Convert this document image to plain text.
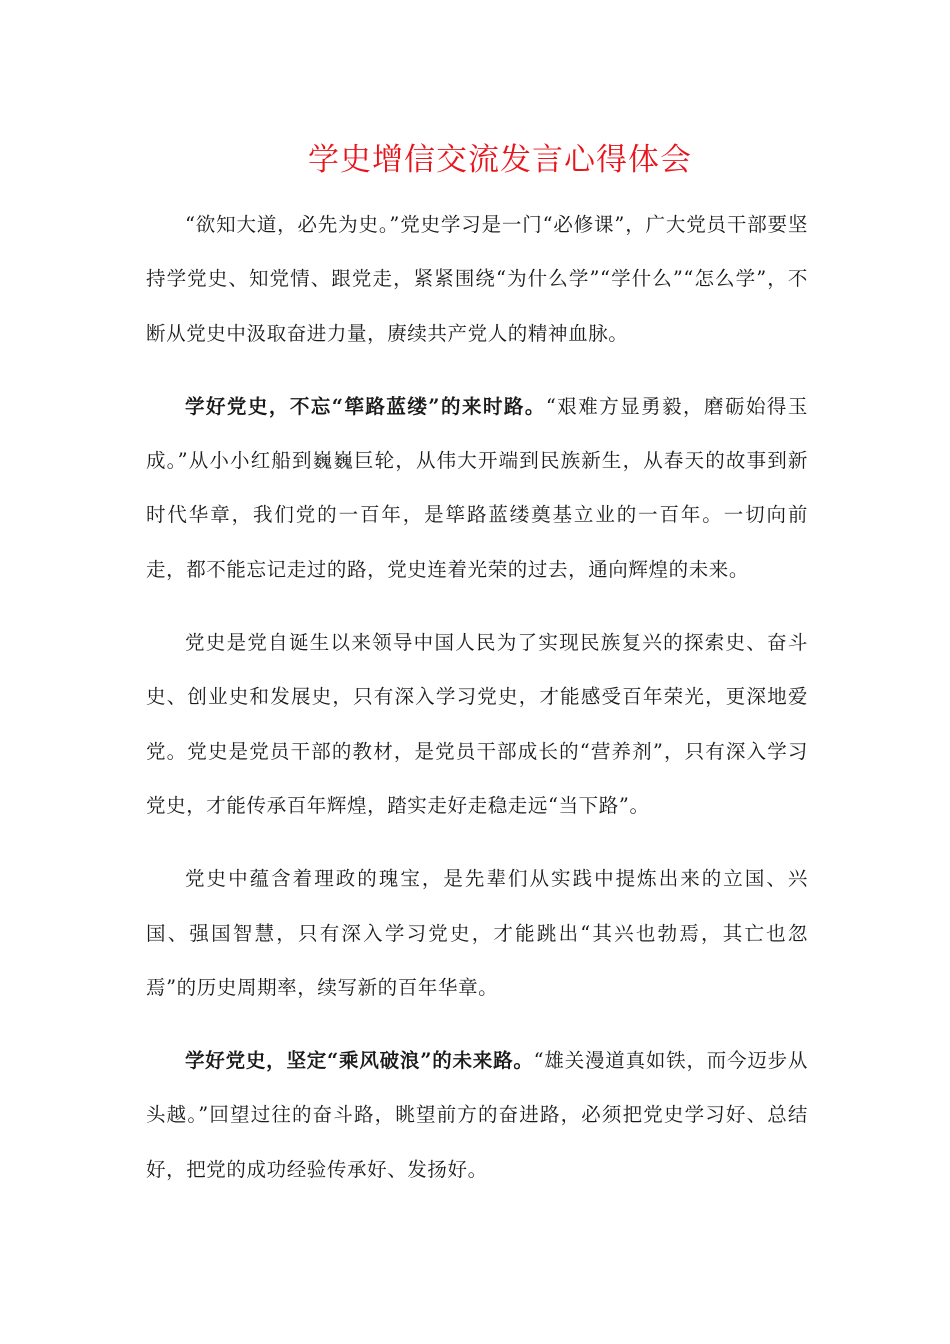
学史增信交流发言心得体会

“欲知大道，必先为史。”党史学习是一门“必修课”，广大党员干部要坚持学党史、知党情、跟党走，紧紧围绕“为什么学”“学什么”“怎么学”，不断从党史中汲取奋进力量，赓续共产党人的精神血脉。

学好党史，不忘“筚路蓝缕”的来时路。“艰难方显勇毅，磨砺始得玉成。”从小小红船到巍巍巨轮，从伟大开端到民族新生，从春天的故事到新时代华章，我们党的一百年，是筚路蓝缕奠基立业的一百年。一切向前走，都不能忘记走过的路，党史连着光荣的过去，通向辉煌的未来。

党史是党自诞生以来领导中国人民为了实现民族复兴的探索史、奋斗史、创业史和发展史，只有深入学习党史，才能感受百年荣光，更深地爱党。党史是党员干部的教材，是党员干部成长的“营养剂”，只有深入学习党史，才能传承百年辉煌，踏实走好走稳走远“当下路”。

党史中蕴含着理政的瑰宝，是先辈们从实践中提炼出来的立国、兴国、强国智慧，只有深入学习党史，才能跳出“其兴也勃焉，其亡也忽焉”的历史周期率，续写新的百年华章。

学好党史，坚定“乘风破浪”的未来路。“雄关漫道真如铁，而今迈步从头越。”回望过往的奋斗路，眺望前方的奋进路，必须把党史学习好、总结好，把党的成功经验传承好、发扬好。
